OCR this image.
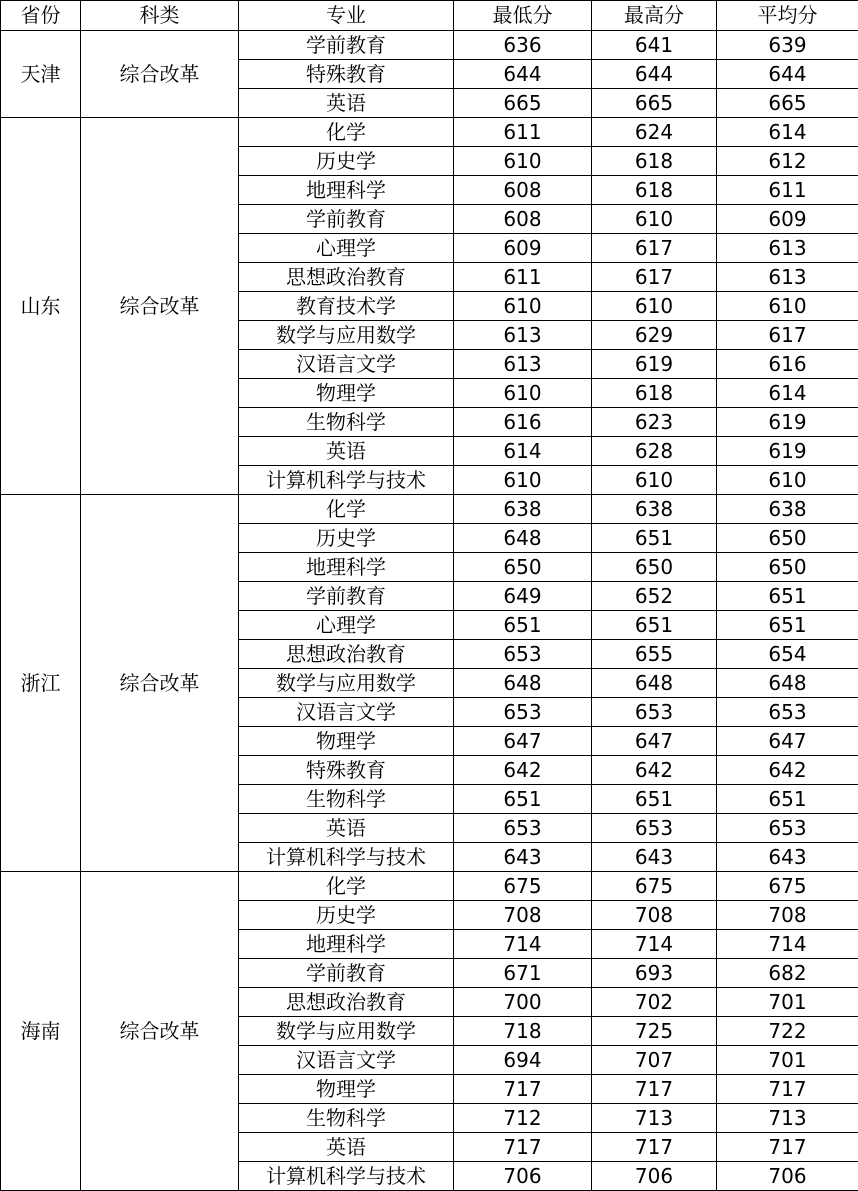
省份	科类	专业	最低分	最高分	平均分
天津	综合改革	学前教育	636	641	639
		特殊教育	644	644	644
		英语	665	665	665
山东	综合改革	化学	611	624	614
		历史学	610	618	612
		地理科学	608	618	611
		学前教育	608	610	609
		心理学	609	617	613
		思想政治教育	611	617	613
		教育技术学	610	610	610
		数学与应用数学	613	629	617
		汉语言文学	613	619	616
		物理学	610	618	614
		生物科学	616	623	619
		英语	614	628	619
		计算机科学与技术	610	610	610
浙江	综合改革	化学	638	638	638
		历史学	648	651	650
		地理科学	650	650	650
		学前教育	649	652	651
		心理学	651	651	651
		思想政治教育	653	655	654
		数学与应用数学	648	648	648
		汉语言文学	653	653	653
		物理学	647	647	647
		特殊教育	642	642	642
		生物科学	651	651	651
		英语	653	653	653
		计算机科学与技术	643	643	643
海南	综合改革	化学	675	675	675
		历史学	708	708	708
		地理科学	714	714	714
		学前教育	671	693	682
		思想政治教育	700	702	701
		数学与应用数学	718	725	722
		汉语言文学	694	707	701
		物理学	717	717	717
		生物科学	712	713	713
		英语	717	717	717
		计算机科学与技术	706	706	706
